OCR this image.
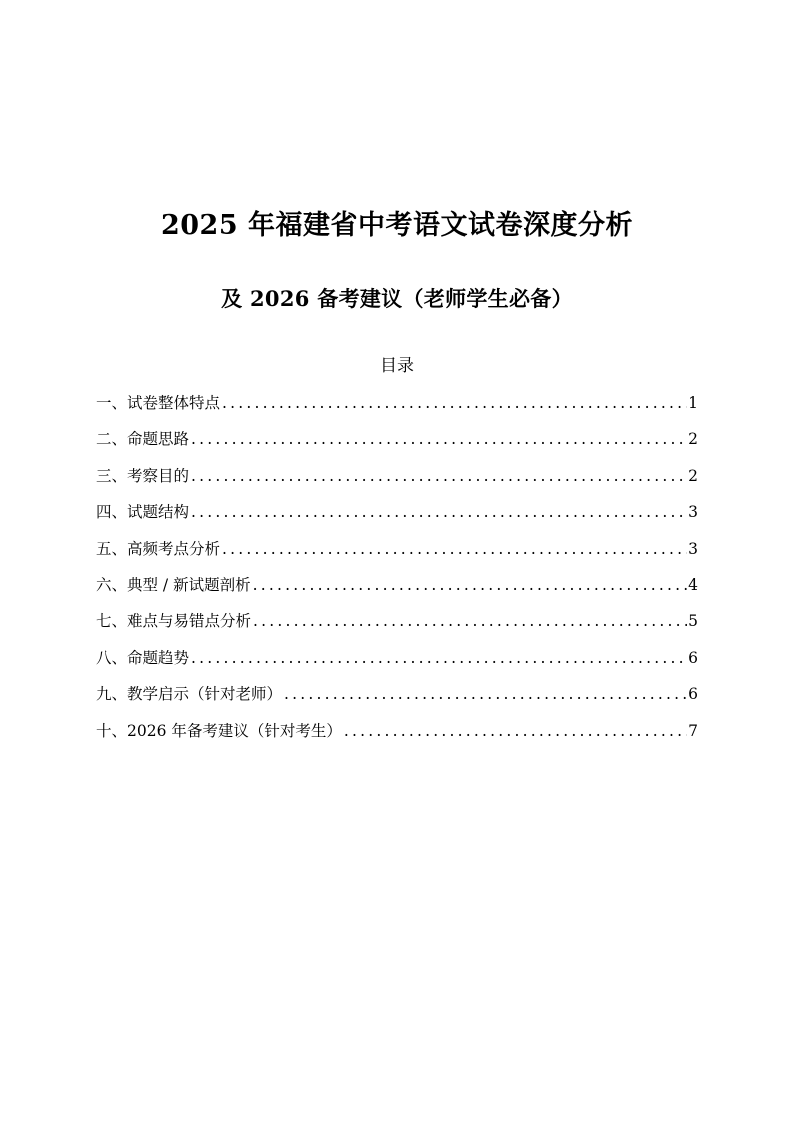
2025 年福建省中考语文试卷深度分析
及 2026 备考建议（老师学生必备）
目录
一、试卷整体特点 .....	1
二、命题思路 .....	2
三、考察目的 .....	2
四、试题结构 .....	3
五、高频考点分析 .....	3
六、典型 / 新试题剖析 .....	4
七、难点与易错点分析 .....	5
八、命题趋势 .....	6
九、教学启示（针对老师） .....	6
十、2026 年备考建议（针对考生） .....	7
